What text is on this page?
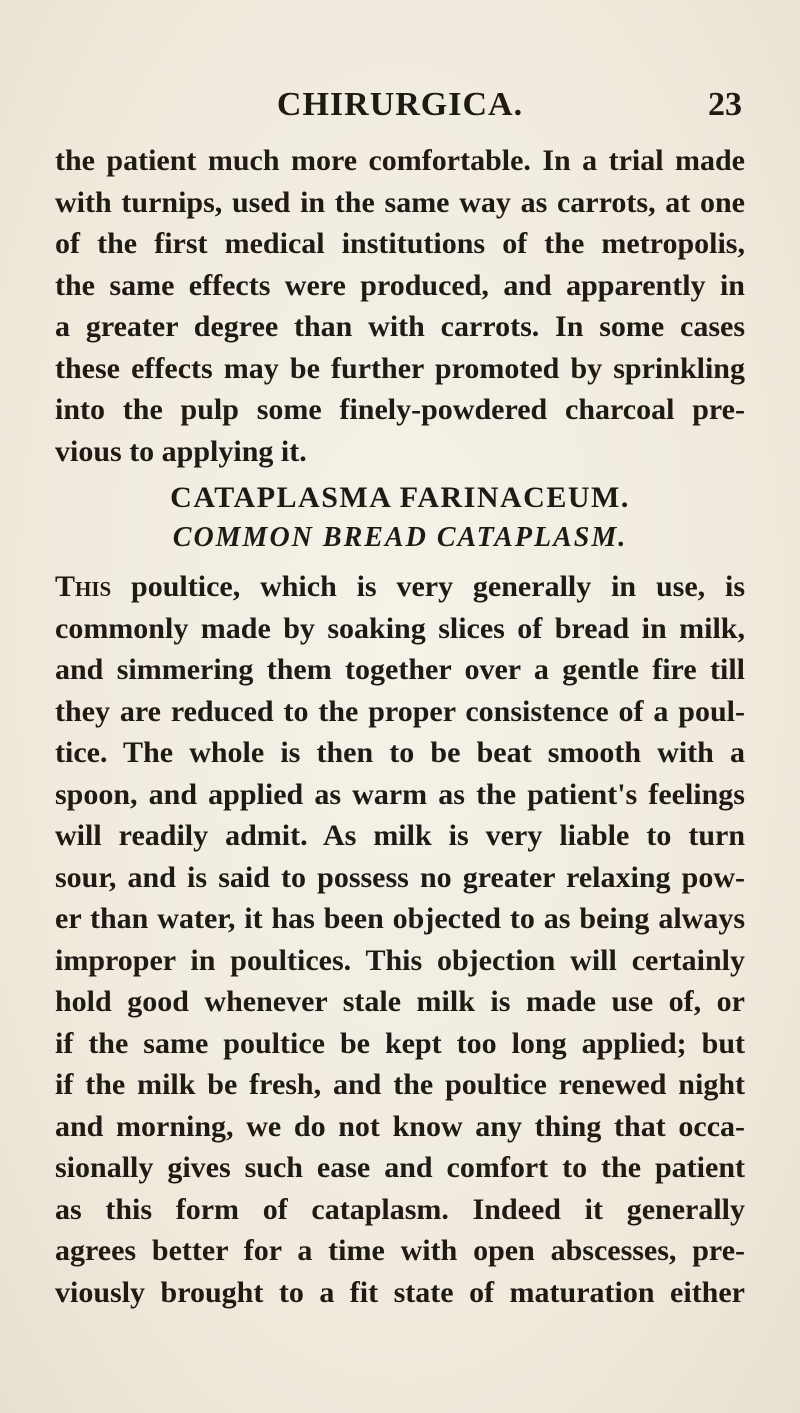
CHIRURGICA.	23
the patient much more comfortable. In a trial made
with turnips, used in the same way as carrots, at one
of the first medical institutions of the metropolis,
the same effects were produced, and apparently in
a greater degree than with carrots. In some cases
these effects may be further promoted by sprinkling
into the pulp some finely-powdered charcoal pre-
vious to applying it.
CATAPLASMA FARINACEUM.
COMMON BREAD CATAPLASM.
This poultice, which is very generally in use, is
commonly made by soaking slices of bread in milk,
and simmering them together over a gentle fire till
they are reduced to the proper consistence of a poul-
tice. The whole is then to be beat smooth with a
spoon, and applied as warm as the patient's feelings
will readily admit. As milk is very liable to turn
sour, and is said to possess no greater relaxing pow-
er than water, it has been objected to as being always
improper in poultices. This objection will certainly
hold good whenever stale milk is made use of, or
if the same poultice be kept too long applied; but
if the milk be fresh, and the poultice renewed night
and morning, we do not know any thing that occa-
sionally gives such ease and comfort to the patient
as this form of cataplasm. Indeed it generally
agrees better for a time with open abscesses, pre-
viously brought to a fit state of maturation either
